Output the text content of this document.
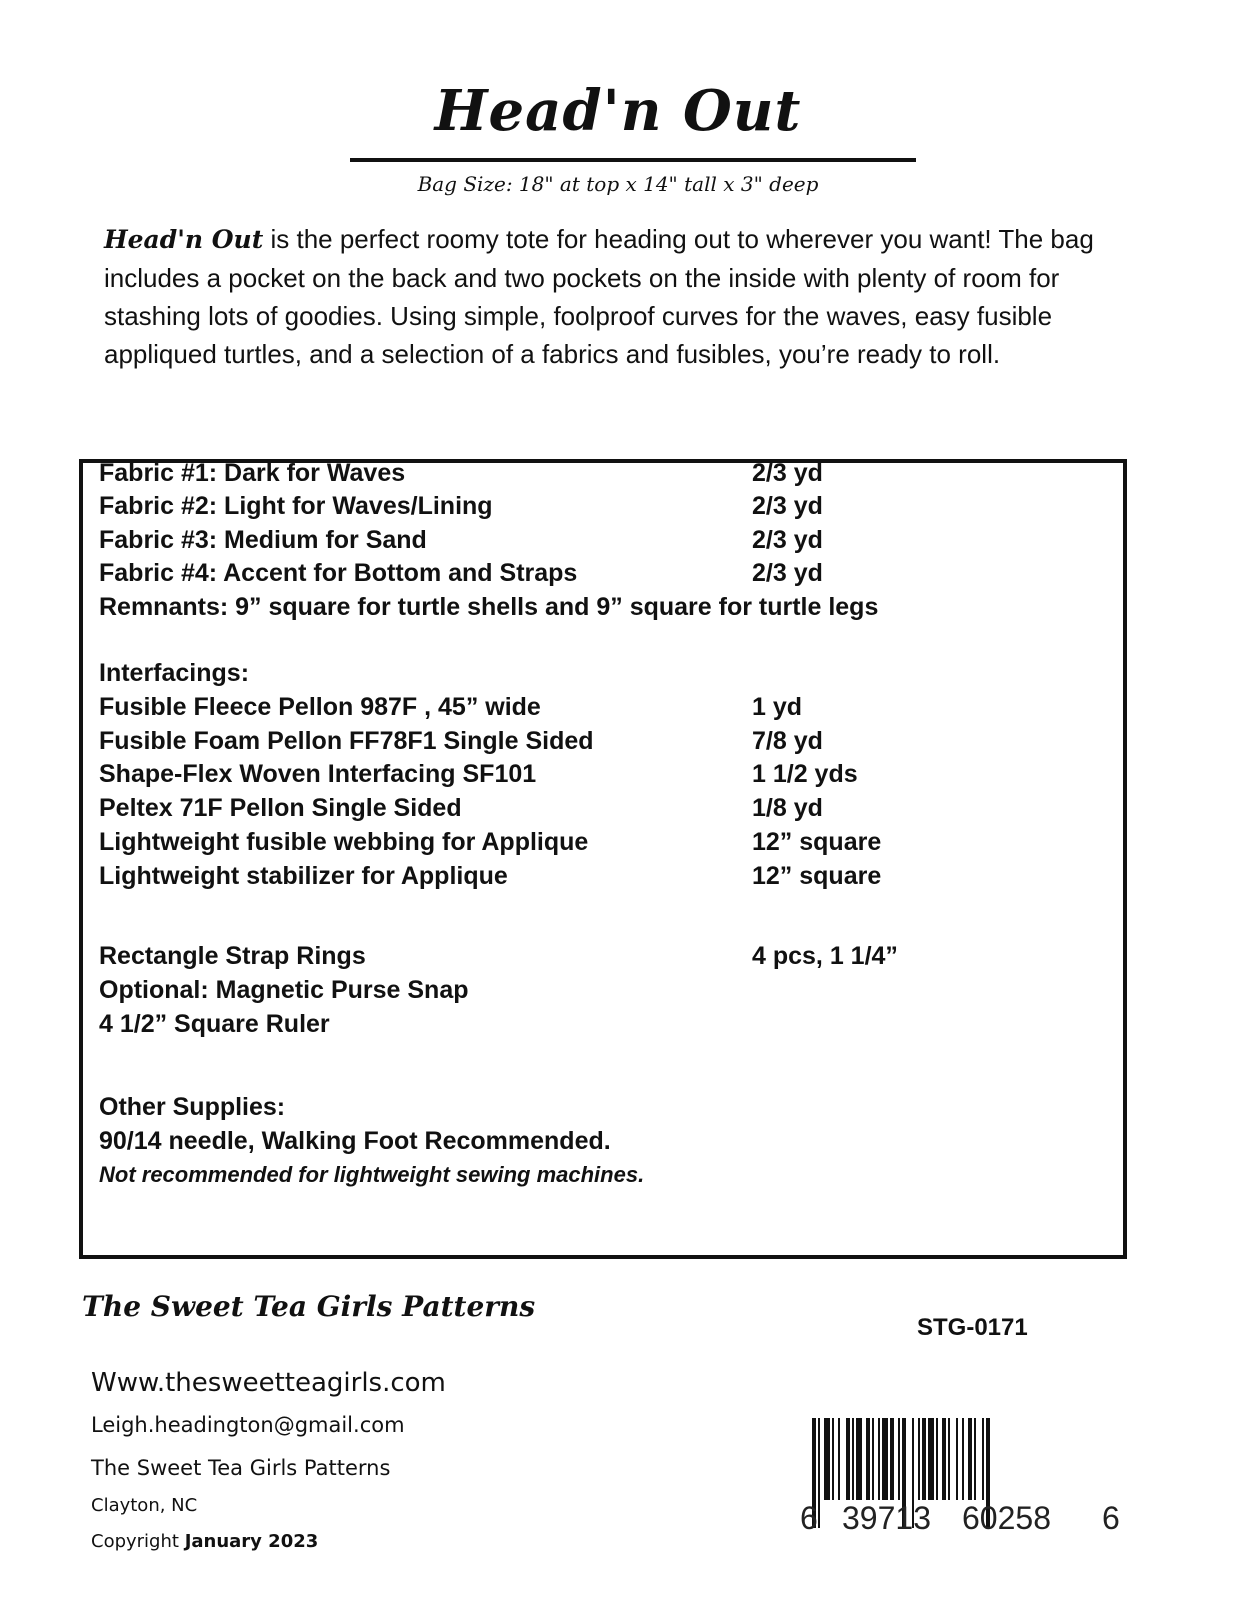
Head'n Out
Bag Size: 18" at top x 14" tall x 3" deep
Head'n Out is the perfect roomy tote for heading out to wherever you want! The bag includes a pocket on the back and two pockets on the inside with plenty of room for stashing lots of goodies. Using simple, foolproof curves for the waves, easy fusible appliqued turtles, and a selection of a fabrics and fusibles, you’re ready to roll.
Fabric #1: Dark for Waves	2/3 yd
Fabric #2: Light for Waves/Lining	2/3 yd
Fabric #3: Medium for Sand	2/3 yd
Fabric #4: Accent for Bottom and Straps	2/3 yd
Remnants: 9” square for turtle shells and 9” square for turtle legs
Interfacings:
Fusible Fleece Pellon 987F , 45” wide	1 yd
Fusible Foam Pellon FF78F1 Single Sided	7/8 yd
Shape-Flex Woven Interfacing SF101	1 1/2 yds
Peltex 71F Pellon Single Sided	1/8 yd
Lightweight fusible webbing for Applique	12” square
Lightweight stabilizer for Applique	12” square
Rectangle Strap Rings	4 pcs, 1 1/4”
Optional: Magnetic Purse Snap
4 1/2” Square Ruler
Other Supplies:
90/14 needle, Walking Foot Recommended.
Not recommended for lightweight sewing machines.
The Sweet Tea Girls Patterns
STG-0171
Www.thesweetteagirls.com
Leigh.headington@gmail.com
The Sweet Tea Girls Patterns
Clayton, NC
Copyright January 2023
6 39713 60258 6
